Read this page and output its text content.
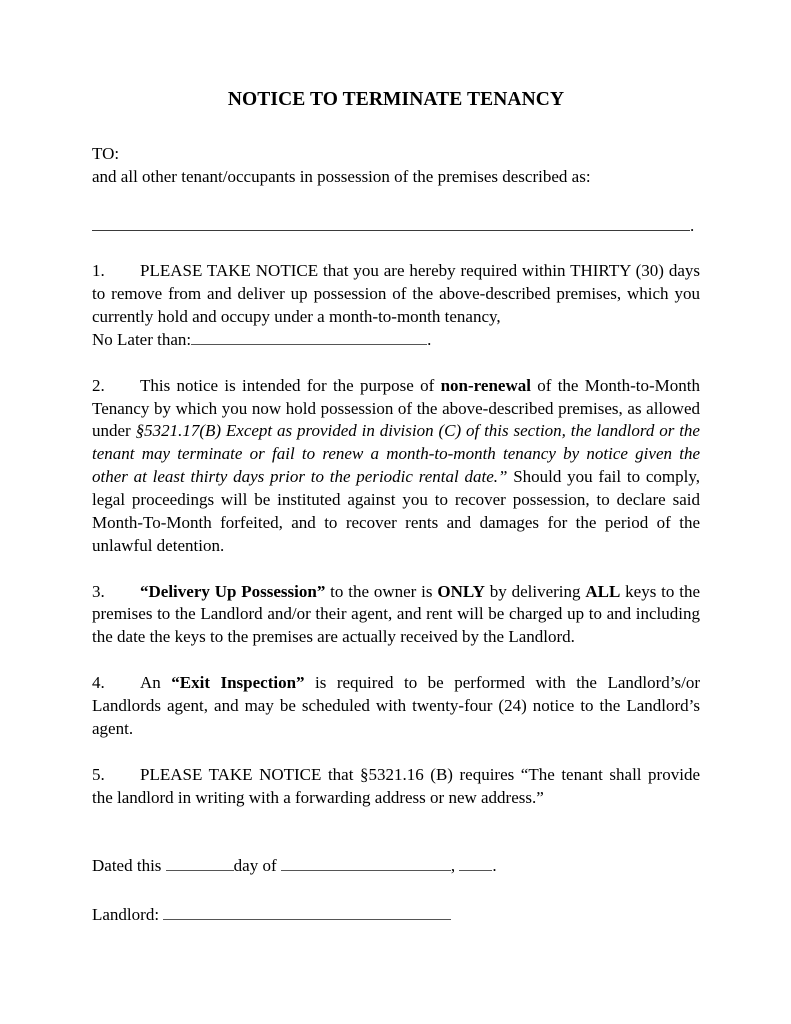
NOTICE TO TERMINATE TENANCY
TO:
and all other tenant/occupants in possession of the premises described as:
.
1. PLEASE TAKE NOTICE that you are hereby required within THIRTY (30) days to remove from and deliver up possession of the above-described premises, which you currently hold and occupy under a month-to-month tenancy,
No Later than:	.
2. This notice is intended for the purpose of non-renewal of the Month-to-Month Tenancy by which you now hold possession of the above-described premises, as allowed under §5321.17(B) Except as provided in division (C) of this section, the landlord or the tenant may terminate or fail to renew a month-to-month tenancy by notice given the other at least thirty days prior to the periodic rental date.” Should you fail to comply, legal proceedings will be instituted against you to recover possession, to declare said Month-To-Month forfeited, and to recover rents and damages for the period of the unlawful detention.
3. “Delivery Up Possession” to the owner is ONLY by delivering ALL keys to the premises to the Landlord and/or their agent, and rent will be charged up to and including the date the keys to the premises are actually received by the Landlord.
4. An “Exit Inspection” is required to be performed with the Landlord’s/or Landlords agent, and may be scheduled with twenty-four (24) notice to the Landlord’s agent.
5. PLEASE TAKE NOTICE that §5321.16 (B) requires “The tenant shall provide the landlord in writing with a forwarding address or new address.”
Dated this	day of	, .
Landlord:
